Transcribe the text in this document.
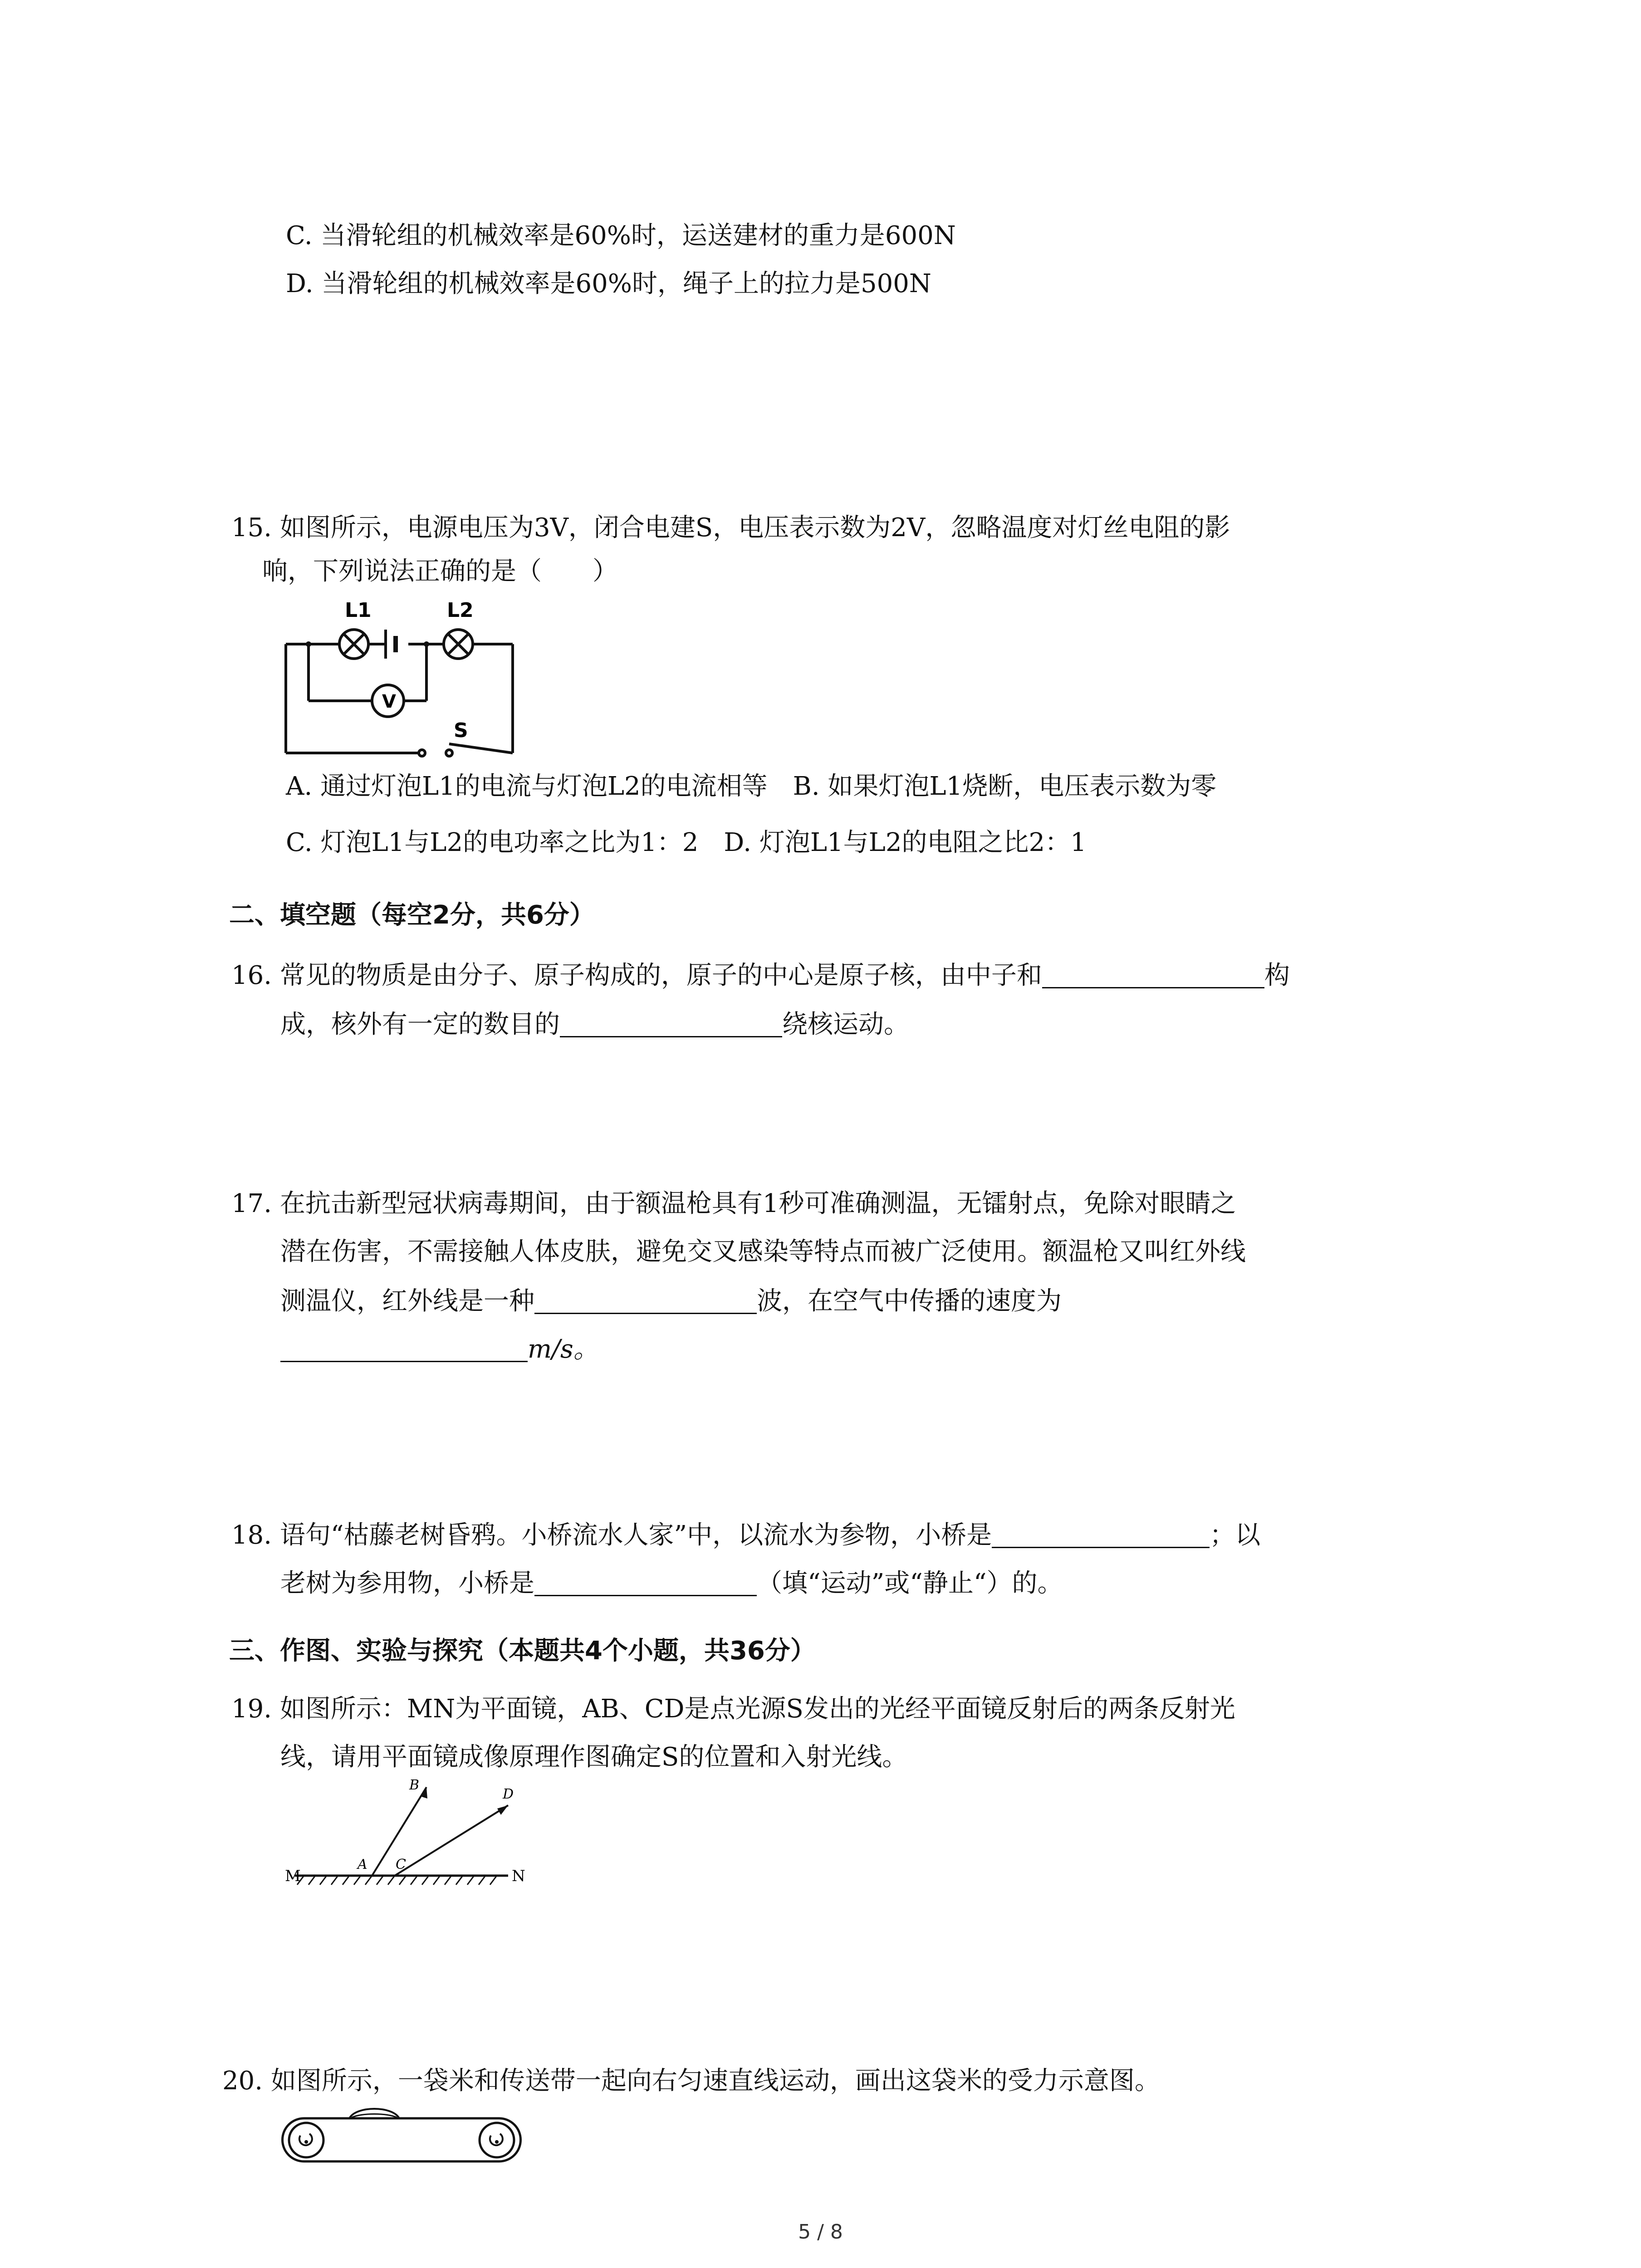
C. 当滑轮组的机械效率是60%时，运送建材的重力是600N
D. 当滑轮组的机械效率是60%时，绳子上的拉力是500N
15. 如图所示，电源电压为3V，闭合电建S，电压表示数为2V，忽略温度对灯丝电阻的影
响，下列说法正确的是（　　）
L1	L2
V
S
A. 通过灯泡L1的电流与灯泡L2的电流相等　B. 如果灯泡L1烧断，电压表示数为零
C. 灯泡L1与L2的电功率之比为1：2　D. 灯泡L1与L2的电阻之比2：1
二、填空题（每空2分，共6分）
16. 常见的物质是由分子、原子构成的，原子的中心是原子核，由中子和	构
成，核外有一定的数目的	绕核运动。
17. 在抗击新型冠状病毒期间，由于额温枪具有1秒可准确测温，无镭射点，免除对眼睛之
潜在伤害，不需接触人体皮肤，避免交叉感染等特点而被广泛使用。额温枪又叫红外线
测温仪，红外线是一种	波，在空气中传播的速度为
m/s。
18. 语句“枯藤老树昏鸦。小桥流水人家”中，以流水为参物，小桥是	；以
老树为参用物，小桥是	（填“运动”或“静止“）的。
三、作图、实验与探究（本题共4个小题，共36分）
19. 如图所示：MN为平面镜，AB、CD是点光源S发出的光经平面镜反射后的两条反射光
线，请用平面镜成像原理作图确定S的位置和入射光线。
M	N
A
B
C
D
20. 如图所示，一袋米和传送带一起向右匀速直线运动，画出这袋米的受力示意图。
5 / 8
